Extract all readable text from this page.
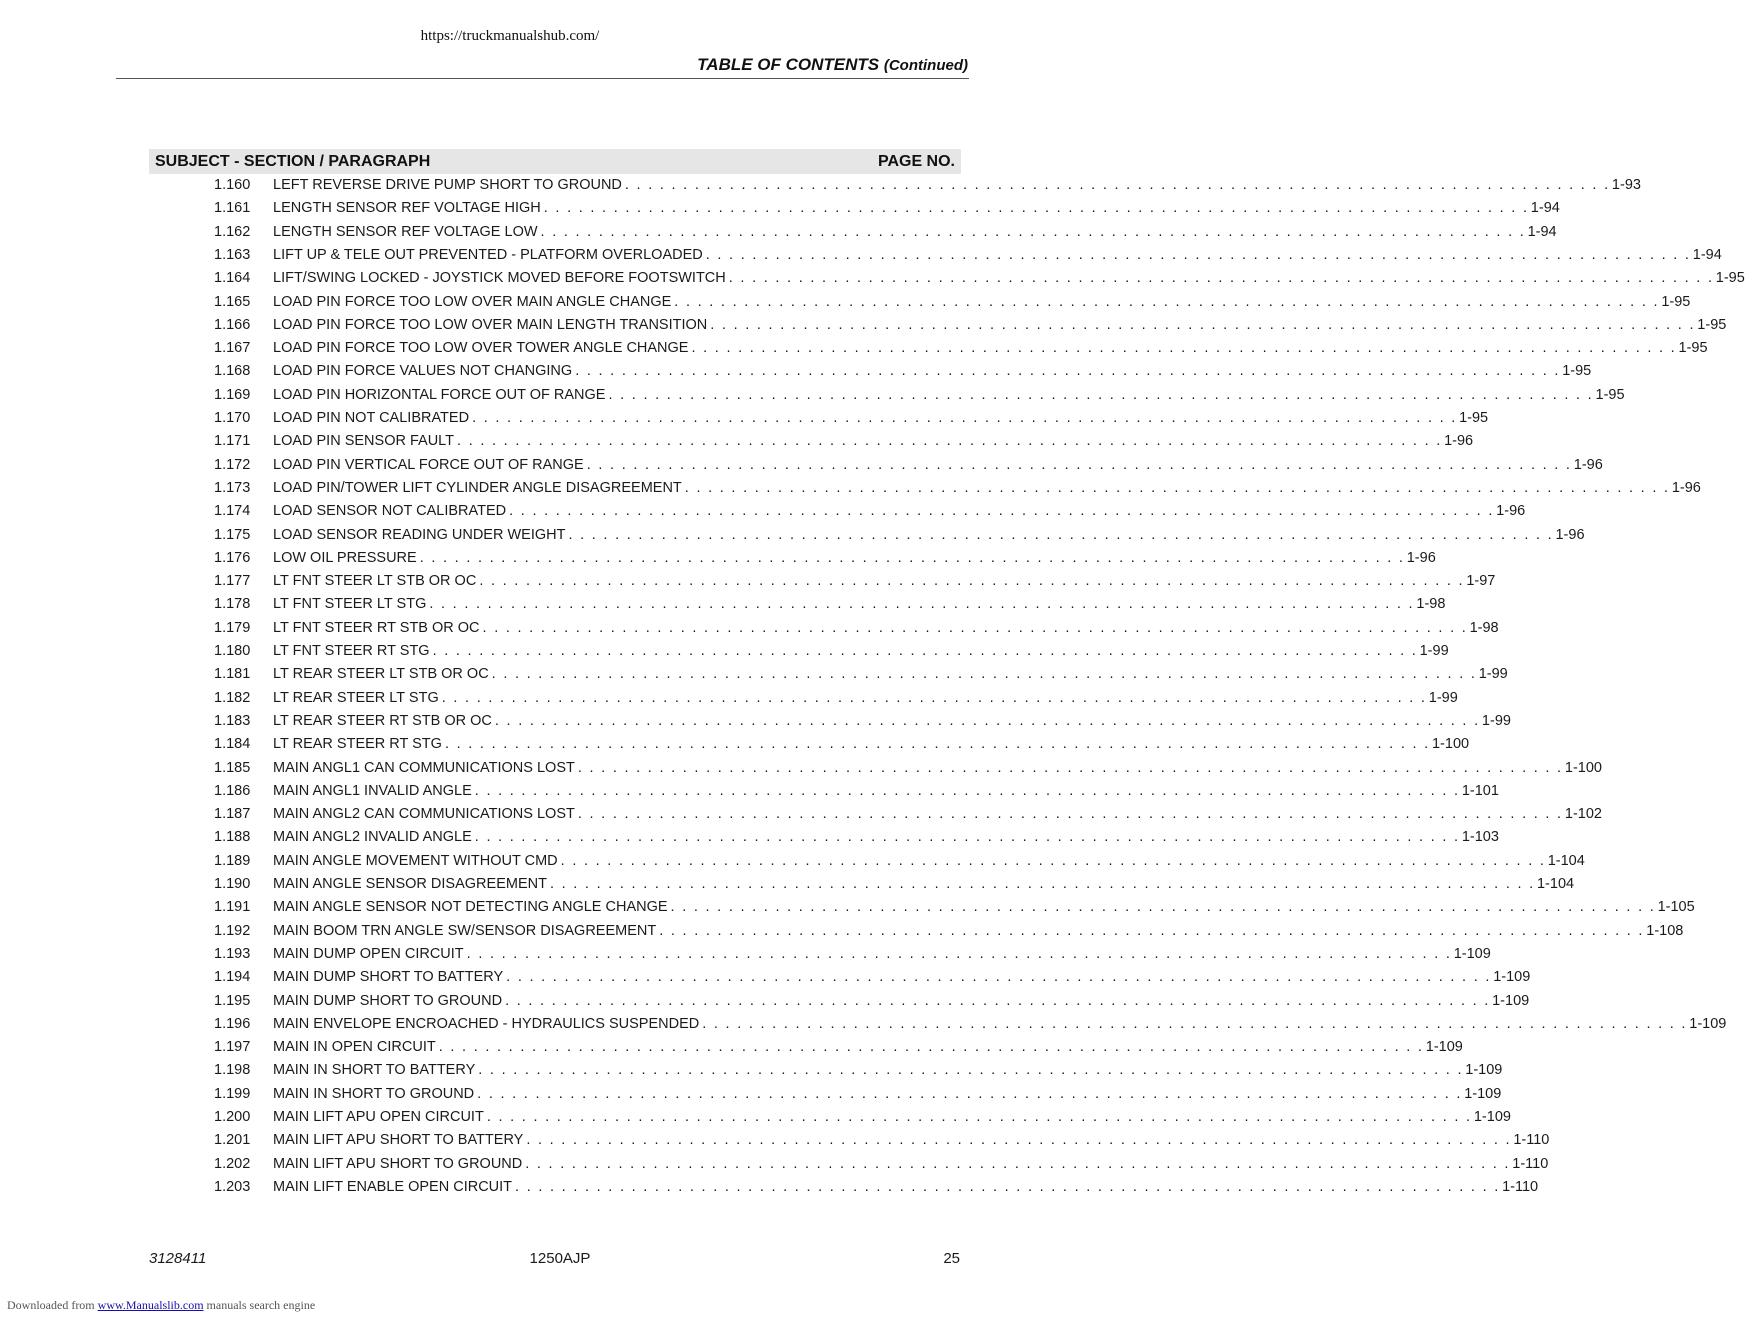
https://truckmanualshub.com/
TABLE OF CONTENTS (Continued)
SUBJECT - SECTION / PARAGRAPH	PAGE NO.
1.160 LEFT REVERSE DRIVE PUMP SHORT TO GROUND . . . . . . . . . . . . . . . . . . . . . . . . . . . . . . . . . . . . . . . . . . . . . . . . . . . . . . . . . . . . . . . . . . . . . . . . . . . . . . . . . . . . . 1-93
1.161 LENGTH SENSOR REF VOLTAGE HIGH . . . . . . . . . . . . . . . . . . . . . . . . . . . . . . . . . . . . . . . . . . . . . . . . . . . . . . . . . . . . . . . . . . . . . . . . . . . . . . . . . . . . . 1-94
1.162 LENGTH SENSOR REF VOLTAGE LOW . . . . . . . . . . . . . . . . . . . . . . . . . . . . . . . . . . . . . . . . . . . . . . . . . . . . . . . . . . . . . . . . . . . . . . . . . . . . . . . . . . . . . 1-94
1.163 LIFT UP & TELE OUT PREVENTED - PLATFORM OVERLOADED . . . . . . . . . . . . . . . . . . . . . . . . . . . . . . . . . . . . . . . . . . . . . . . . . . . . . . . . . . . . . . . . . . . . . . . . . . . . . . . . . . . . . 1-94
1.164 LIFT/SWING LOCKED - JOYSTICK MOVED BEFORE FOOTSWITCH . . . . . . . . . . . . . . . . . . . . . . . . . . . . . . . . . . . . . . . . . . . . . . . . . . . . . . . . . . . . . . . . . . . . . . . . . . . . . . . . . . . . . 1-95
1.165 LOAD PIN FORCE TOO LOW OVER MAIN ANGLE CHANGE . . . . . . . . . . . . . . . . . . . . . . . . . . . . . . . . . . . . . . . . . . . . . . . . . . . . . . . . . . . . . . . . . . . . . . . . . . . . . . . . . . . . . 1-95
1.166 LOAD PIN FORCE TOO LOW OVER MAIN LENGTH TRANSITION . . . . . . . . . . . . . . . . . . . . . . . . . . . . . . . . . . . . . . . . . . . . . . . . . . . . . . . . . . . . . . . . . . . . . . . . . . . . . . . . . . . . . 1-95
1.167 LOAD PIN FORCE TOO LOW OVER TOWER ANGLE CHANGE . . . . . . . . . . . . . . . . . . . . . . . . . . . . . . . . . . . . . . . . . . . . . . . . . . . . . . . . . . . . . . . . . . . . . . . . . . . . . . . . . . . . . 1-95
1.168 LOAD PIN FORCE VALUES NOT CHANGING . . . . . . . . . . . . . . . . . . . . . . . . . . . . . . . . . . . . . . . . . . . . . . . . . . . . . . . . . . . . . . . . . . . . . . . . . . . . . . . . . . . . . 1-95
1.169 LOAD PIN HORIZONTAL FORCE OUT OF RANGE . . . . . . . . . . . . . . . . . . . . . . . . . . . . . . . . . . . . . . . . . . . . . . . . . . . . . . . . . . . . . . . . . . . . . . . . . . . . . . . . . . . . . 1-95
1.170 LOAD PIN NOT CALIBRATED . . . . . . . . . . . . . . . . . . . . . . . . . . . . . . . . . . . . . . . . . . . . . . . . . . . . . . . . . . . . . . . . . . . . . . . . . . . . . . . . . . . . . 1-95
1.171 LOAD PIN SENSOR FAULT . . . . . . . . . . . . . . . . . . . . . . . . . . . . . . . . . . . . . . . . . . . . . . . . . . . . . . . . . . . . . . . . . . . . . . . . . . . . . . . . . . . . . 1-96
1.172 LOAD PIN VERTICAL FORCE OUT OF RANGE . . . . . . . . . . . . . . . . . . . . . . . . . . . . . . . . . . . . . . . . . . . . . . . . . . . . . . . . . . . . . . . . . . . . . . . . . . . . . . . . . . . . . 1-96
1.173 LOAD PIN/TOWER LIFT CYLINDER ANGLE DISAGREEMENT . . . . . . . . . . . . . . . . . . . . . . . . . . . . . . . . . . . . . . . . . . . . . . . . . . . . . . . . . . . . . . . . . . . . . . . . . . . . . . . . . . . . . 1-96
1.174 LOAD SENSOR NOT CALIBRATED . . . . . . . . . . . . . . . . . . . . . . . . . . . . . . . . . . . . . . . . . . . . . . . . . . . . . . . . . . . . . . . . . . . . . . . . . . . . . . . . . . . . . 1-96
1.175 LOAD SENSOR READING UNDER WEIGHT . . . . . . . . . . . . . . . . . . . . . . . . . . . . . . . . . . . . . . . . . . . . . . . . . . . . . . . . . . . . . . . . . . . . . . . . . . . . . . . . . . . . . 1-96
1.176 LOW OIL PRESSURE . . . . . . . . . . . . . . . . . . . . . . . . . . . . . . . . . . . . . . . . . . . . . . . . . . . . . . . . . . . . . . . . . . . . . . . . . . . . . . . . . . . . . 1-96
1.177 LT FNT STEER LT STB OR OC . . . . . . . . . . . . . . . . . . . . . . . . . . . . . . . . . . . . . . . . . . . . . . . . . . . . . . . . . . . . . . . . . . . . . . . . . . . . . . . . . . . . . 1-97
1.178 LT FNT STEER LT STG . . . . . . . . . . . . . . . . . . . . . . . . . . . . . . . . . . . . . . . . . . . . . . . . . . . . . . . . . . . . . . . . . . . . . . . . . . . . . . . . . . . . . 1-98
1.179 LT FNT STEER RT STB OR OC . . . . . . . . . . . . . . . . . . . . . . . . . . . . . . . . . . . . . . . . . . . . . . . . . . . . . . . . . . . . . . . . . . . . . . . . . . . . . . . . . . . . . 1-98
1.180 LT FNT STEER RT STG . . . . . . . . . . . . . . . . . . . . . . . . . . . . . . . . . . . . . . . . . . . . . . . . . . . . . . . . . . . . . . . . . . . . . . . . . . . . . . . . . . . . . 1-99
1.181 LT REAR STEER LT STB OR OC . . . . . . . . . . . . . . . . . . . . . . . . . . . . . . . . . . . . . . . . . . . . . . . . . . . . . . . . . . . . . . . . . . . . . . . . . . . . . . . . . . . . . 1-99
1.182 LT REAR STEER LT STG . . . . . . . . . . . . . . . . . . . . . . . . . . . . . . . . . . . . . . . . . . . . . . . . . . . . . . . . . . . . . . . . . . . . . . . . . . . . . . . . . . . . . 1-99
1.183 LT REAR STEER RT STB OR OC . . . . . . . . . . . . . . . . . . . . . . . . . . . . . . . . . . . . . . . . . . . . . . . . . . . . . . . . . . . . . . . . . . . . . . . . . . . . . . . . . . . . . 1-99
1.184 LT REAR STEER RT STG . . . . . . . . . . . . . . . . . . . . . . . . . . . . . . . . . . . . . . . . . . . . . . . . . . . . . . . . . . . . . . . . . . . . . . . . . . . . . . . . . . . . . 1-100
1.185 MAIN ANGL1 CAN COMMUNICATIONS LOST . . . . . . . . . . . . . . . . . . . . . . . . . . . . . . . . . . . . . . . . . . . . . . . . . . . . . . . . . . . . . . . . . . . . . . . . . . . . . . . . . . . . . 1-100
1.186 MAIN ANGL1 INVALID ANGLE . . . . . . . . . . . . . . . . . . . . . . . . . . . . . . . . . . . . . . . . . . . . . . . . . . . . . . . . . . . . . . . . . . . . . . . . . . . . . . . . . . . . . 1-101
1.187 MAIN ANGL2 CAN COMMUNICATIONS LOST . . . . . . . . . . . . . . . . . . . . . . . . . . . . . . . . . . . . . . . . . . . . . . . . . . . . . . . . . . . . . . . . . . . . . . . . . . . . . . . . . . . . . 1-102
1.188 MAIN ANGL2 INVALID ANGLE . . . . . . . . . . . . . . . . . . . . . . . . . . . . . . . . . . . . . . . . . . . . . . . . . . . . . . . . . . . . . . . . . . . . . . . . . . . . . . . . . . . . . 1-103
1.189 MAIN ANGLE MOVEMENT WITHOUT CMD . . . . . . . . . . . . . . . . . . . . . . . . . . . . . . . . . . . . . . . . . . . . . . . . . . . . . . . . . . . . . . . . . . . . . . . . . . . . . . . . . . . . . 1-104
1.190 MAIN ANGLE SENSOR DISAGREEMENT . . . . . . . . . . . . . . . . . . . . . . . . . . . . . . . . . . . . . . . . . . . . . . . . . . . . . . . . . . . . . . . . . . . . . . . . . . . . . . . . . . . . . 1-104
1.191 MAIN ANGLE SENSOR NOT DETECTING ANGLE CHANGE . . . . . . . . . . . . . . . . . . . . . . . . . . . . . . . . . . . . . . . . . . . . . . . . . . . . . . . . . . . . . . . . . . . . . . . . . . . . . . . . . . . . . 1-105
1.192 MAIN BOOM TRN ANGLE SW/SENSOR DISAGREEMENT . . . . . . . . . . . . . . . . . . . . . . . . . . . . . . . . . . . . . . . . . . . . . . . . . . . . . . . . . . . . . . . . . . . . . . . . . . . . . . . . . . . . . 1-108
1.193 MAIN DUMP OPEN CIRCUIT . . . . . . . . . . . . . . . . . . . . . . . . . . . . . . . . . . . . . . . . . . . . . . . . . . . . . . . . . . . . . . . . . . . . . . . . . . . . . . . . . . . . . 1-109
1.194 MAIN DUMP SHORT TO BATTERY . . . . . . . . . . . . . . . . . . . . . . . . . . . . . . . . . . . . . . . . . . . . . . . . . . . . . . . . . . . . . . . . . . . . . . . . . . . . . . . . . . . . . 1-109
1.195 MAIN DUMP SHORT TO GROUND . . . . . . . . . . . . . . . . . . . . . . . . . . . . . . . . . . . . . . . . . . . . . . . . . . . . . . . . . . . . . . . . . . . . . . . . . . . . . . . . . . . . . 1-109
1.196 MAIN ENVELOPE ENCROACHED - HYDRAULICS SUSPENDED . . . . . . . . . . . . . . . . . . . . . . . . . . . . . . . . . . . . . . . . . . . . . . . . . . . . . . . . . . . . . . . . . . . . . . . . . . . . . . . . . . . . . 1-109
1.197 MAIN IN OPEN CIRCUIT . . . . . . . . . . . . . . . . . . . . . . . . . . . . . . . . . . . . . . . . . . . . . . . . . . . . . . . . . . . . . . . . . . . . . . . . . . . . . . . . . . . . . 1-109
1.198 MAIN IN SHORT TO BATTERY . . . . . . . . . . . . . . . . . . . . . . . . . . . . . . . . . . . . . . . . . . . . . . . . . . . . . . . . . . . . . . . . . . . . . . . . . . . . . . . . . . . . . 1-109
1.199 MAIN IN SHORT TO GROUND . . . . . . . . . . . . . . . . . . . . . . . . . . . . . . . . . . . . . . . . . . . . . . . . . . . . . . . . . . . . . . . . . . . . . . . . . . . . . . . . . . . . . 1-109
1.200 MAIN LIFT APU OPEN CIRCUIT . . . . . . . . . . . . . . . . . . . . . . . . . . . . . . . . . . . . . . . . . . . . . . . . . . . . . . . . . . . . . . . . . . . . . . . . . . . . . . . . . . . . . 1-109
1.201 MAIN LIFT APU SHORT TO BATTERY . . . . . . . . . . . . . . . . . . . . . . . . . . . . . . . . . . . . . . . . . . . . . . . . . . . . . . . . . . . . . . . . . . . . . . . . . . . . . . . . . . . . . 1-110
1.202 MAIN LIFT APU SHORT TO GROUND . . . . . . . . . . . . . . . . . . . . . . . . . . . . . . . . . . . . . . . . . . . . . . . . . . . . . . . . . . . . . . . . . . . . . . . . . . . . . . . . . . . . . 1-110
1.203 MAIN LIFT ENABLE OPEN CIRCUIT . . . . . . . . . . . . . . . . . . . . . . . . . . . . . . . . . . . . . . . . . . . . . . . . . . . . . . . . . . . . . . . . . . . . . . . . . . . . . . . . . . . . . 1-110
3128411	1250AJP	25
Downloaded from www.Manualslib.com manuals search engine
